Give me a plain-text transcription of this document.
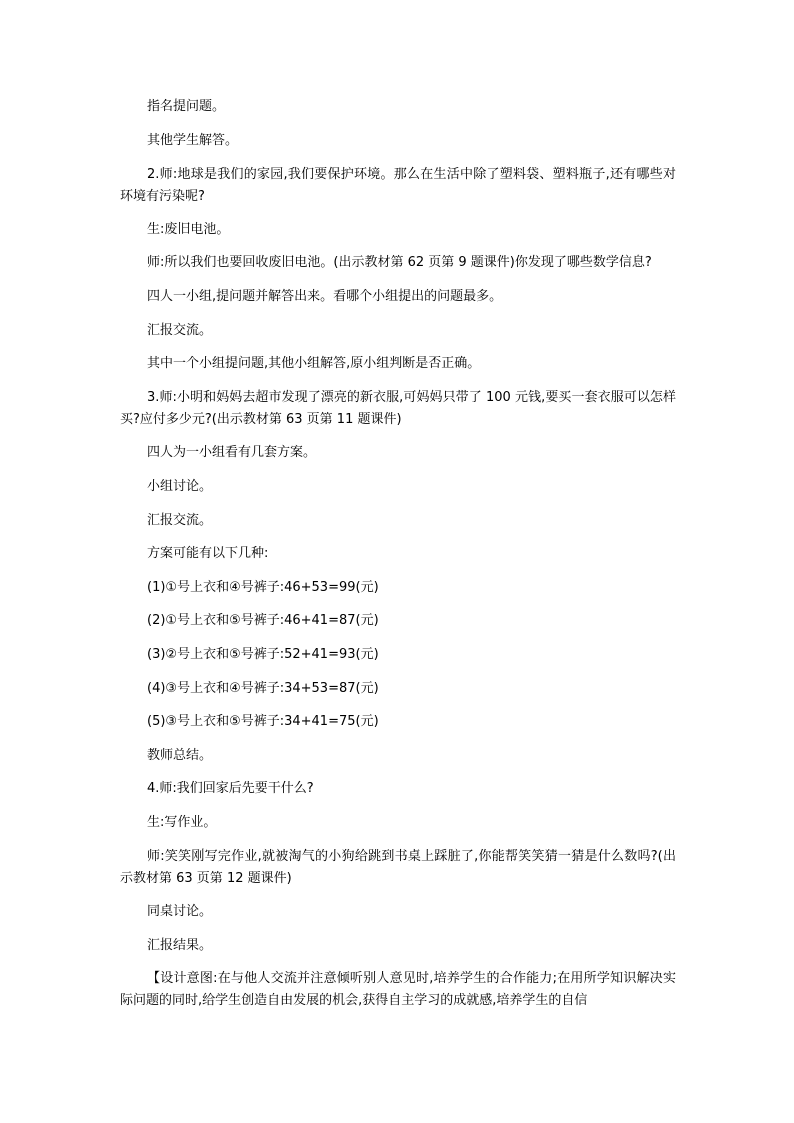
指名提问题。

其他学生解答。

2.师:地球是我们的家园,我们要保护环境。那么在生活中除了塑料袋、塑料瓶子,还有哪些对环境有污染呢?

生:废旧电池。

师:所以我们也要回收废旧电池。(出示教材第 62 页第 9 题课件)你发现了哪些数学信息?

四人一小组,提问题并解答出来。看哪个小组提出的问题最多。

汇报交流。

其中一个小组提问题,其他小组解答,原小组判断是否正确。

3.师:小明和妈妈去超市发现了漂亮的新衣服,可妈妈只带了 100 元钱,要买一套衣服可以怎样买?应付多少元?(出示教材第 63 页第 11 题课件)

四人为一小组看有几套方案。

小组讨论。

汇报交流。

方案可能有以下几种:

(1)①号上衣和④号裤子:46+53=99(元)

(2)①号上衣和⑤号裤子:46+41=87(元)

(3)②号上衣和⑤号裤子:52+41=93(元)

(4)③号上衣和④号裤子:34+53=87(元)

(5)③号上衣和⑤号裤子:34+41=75(元)

教师总结。

4.师:我们回家后先要干什么?

生:写作业。

师:笑笑刚写完作业,就被淘气的小狗给跳到书桌上踩脏了,你能帮笑笑猜一猜是什么数吗?(出示教材第 63 页第 12 题课件)

同桌讨论。

汇报结果。

【设计意图:在与他人交流并注意倾听别人意见时,培养学生的合作能力;在用所学知识解决实际问题的同时,给学生创造自由发展的机会,获得自主学习的成就感,培养学生的自信
